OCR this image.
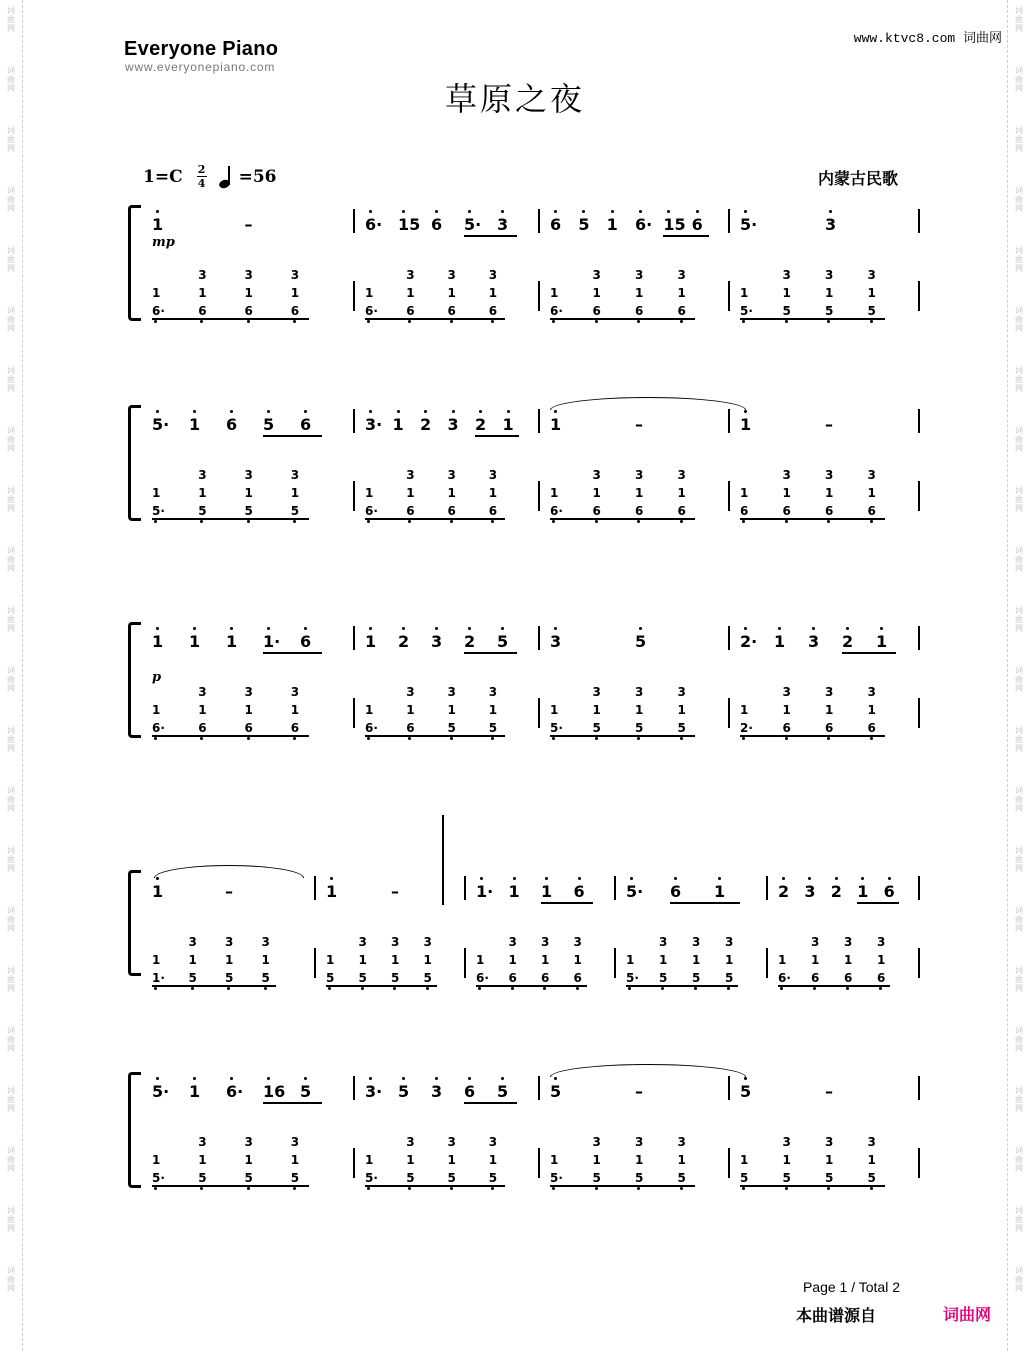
词
曲
网
词
曲
网
词
曲
网
词
曲
网
词
曲
网
词
曲
网
词
曲
网
词
曲
网
词
曲
网
词
曲
网
词
曲
网
词
曲
网
词
曲
网
词
曲
网
词
曲
网
词
曲
网
词
曲
网
词
曲
网
词
曲
网
词
曲
网
词
曲
网
词
曲
网
词
曲
网
词
曲
网
词
曲
网
词
曲
网
词
曲
网
词
曲
网
词
曲
网
词
曲
网
词
曲
网
词
曲
网
词
曲
网
词
曲
网
词
曲
网
词
曲
网
词
曲
网
词
曲
网
词
曲
网
词
曲
网
词
曲
网
词
曲
网
词
曲
网
词
曲
网
Everyone Piano
www.everyonepiano.com
www.ktvc8.com 词曲网
草原之夜
$1=C \frac{2}{4} =56$	内蒙古民歌
1	–
6·
1
6
3
1
6
3
1
6
3
1
6· 15 6 5· 3
6·
1
6
3
1
6
3
1
6
3
1
6 5 1 6· 15 6
6·
1
6
3
1
6
3
1
6
3
1
5·	3
5·
1
5
3
1
5
3
1
5
3
1
mp
5· 1 6 5 6
5·
1
5
3
1
5
3
1
5
3
1
3· 1 2 3 2 1
6·
1
6
3
1
6
3
1
6
3
1
1	–
6·
1
6
3
1
6
3
1
6
3
1
1	–
6
1
6
3
1
6
3
1
6
3
1
1 1 1 1· 6
6·
1
6
3
1
6
3
1
6
3
1
1 2 3 2 5
6·
1
6
3
1
5
3
1
5
3
1
3	5
5·
1
5
3
1
5
3
1
5
3
1
2· 1 3 2 1
2·
1
6
3
1
6
3
1
6
3
1
p
1	–
1·
1
5
3
1
5
3
1
5
3
1
1	–
5
1
5
3
1
5
3
1
5
3
1
1· 1 1 6
6·
1
6
3
1
6
3
1
6
3
1
5· 6 1
5·
1
5
3
1
5
3
1
5
3
1
2 3 2 1 6
6·
1
6
3
1
6
3
1
6
3
1
5· 1 6· 16 5
5·
1
5
3
1
5
3
1
5
3
1
3· 5 3 6 5
5·
1
5
3
1
5
3
1
5
3
1
5	–
5·
1
5
3
1
5
3
1
5
3
1
5	–
5
1
5
3
1
5
3
1
5
3
1
Page 1 / Total 2
本曲谱源自	词曲网
